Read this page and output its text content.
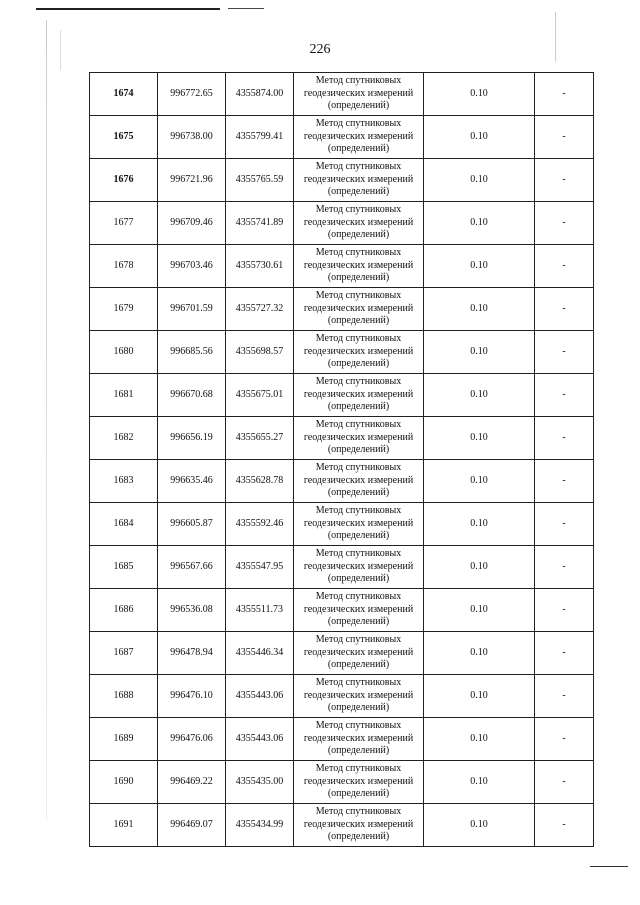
226
1674	996772.65	4355874.00	Метод спутниковых
геодезических измерений
(определений)	0.10	-
1675	996738.00	4355799.41	Метод спутниковых
геодезических измерений
(определений)	0.10	-
1676	996721.96	4355765.59	Метод спутниковых
геодезических измерений
(определений)	0.10	-
1677	996709.46	4355741.89	Метод спутниковых
геодезических измерений
(определений)	0.10	-
1678	996703.46	4355730.61	Метод спутниковых
геодезических измерений
(определений)	0.10	-
1679	996701.59	4355727.32	Метод спутниковых
геодезических измерений
(определений)	0.10	-
1680	996685.56	4355698.57	Метод спутниковых
геодезических измерений
(определений)	0.10	-
1681	996670.68	4355675.01	Метод спутниковых
геодезических измерений
(определений)	0.10	-
1682	996656.19	4355655.27	Метод спутниковых
геодезических измерений
(определений)	0.10	-
1683	996635.46	4355628.78	Метод спутниковых
геодезических измерений
(определений)	0.10	-
1684	996605.87	4355592.46	Метод спутниковых
геодезических измерений
(определений)	0.10	-
1685	996567.66	4355547.95	Метод спутниковых
геодезических измерений
(определений)	0.10	-
1686	996536.08	4355511.73	Метод спутниковых
геодезических измерений
(определений)	0.10	-
1687	996478.94	4355446.34	Метод спутниковых
геодезических измерений
(определений)	0.10	-
1688	996476.10	4355443.06	Метод спутниковых
геодезических измерений
(определений)	0.10	-
1689	996476.06	4355443.06	Метод спутниковых
геодезических измерений
(определений)	0.10	-
1690	996469.22	4355435.00	Метод спутниковых
геодезических измерений
(определений)	0.10	-
1691	996469.07	4355434.99	Метод спутниковых
геодезических измерений
(определений)	0.10	-
